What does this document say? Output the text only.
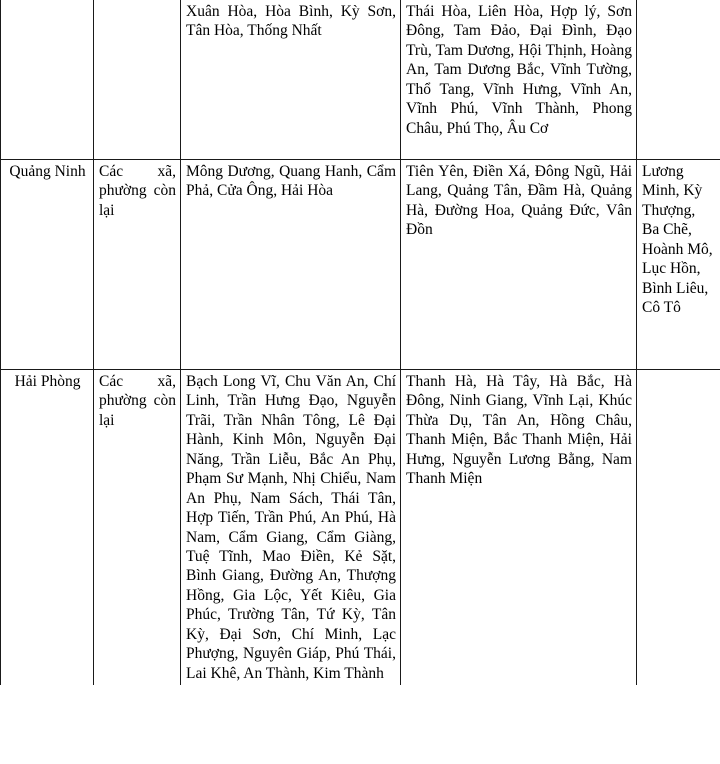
		Xuân Hòa, Hòa Bình, Kỳ Sơn, Tân Hòa, Thống Nhất	Thái Hòa, Liên Hòa, Hợp lý, Sơn Đông, Tam Đảo, Đại Đình, Đạo Trù, Tam Dương, Hội Thịnh, Hoàng An, Tam Dương Bắc, Vĩnh Tường, Thổ Tang, Vĩnh Hưng, Vĩnh An, Vĩnh Phú, Vĩnh Thành, Phong Châu, Phú Thọ, Âu Cơ	
Quảng Ninh	Các xã, phường còn lại	Mông Dương, Quang Hanh, Cẩm Phả, Cửa Ông, Hải Hòa	Tiên Yên, Điền Xá, Đông Ngũ, Hải Lang, Quảng Tân, Đầm Hà, Quảng Hà, Đường Hoa, Quảng Đức, Vân Đồn	Lương Minh, Kỳ Thượng, Ba Chẽ, Hoành Mô, Lục Hồn, Bình Liêu, Cô Tô
Hải Phòng	Các xã, phường còn lại	Bạch Long Vĩ, Chu Văn An, Chí Linh, Trần Hưng Đạo, Nguyễn Trãi, Trần Nhân Tông, Lê Đại Hành, Kinh Môn, Nguyễn Đại Năng, Trần Liễu, Bắc An Phụ, Phạm Sư Mạnh, Nhị Chiểu, Nam An Phụ, Nam Sách, Thái Tân, Hợp Tiến, Trần Phú, An Phú, Hà Nam, Cẩm Giang, Cẩm Giàng, Tuệ Tĩnh, Mao Điền, Kẻ Sặt, Bình Giang, Đường An, Thượng Hồng, Gia Lộc, Yết Kiêu, Gia Phúc, Trường Tân, Tứ Kỳ, Tân Kỳ, Đại Sơn, Chí Minh, Lạc Phượng, Nguyên Giáp, Phú Thái, Lai Khê, An Thành, Kim Thành	Thanh Hà, Hà Tây, Hà Bắc, Hà Đông, Ninh Giang, Vĩnh Lại, Khúc Thừa Dụ, Tân An, Hồng Châu, Thanh Miện, Bắc Thanh Miện, Hải Hưng, Nguyễn Lương Bằng, Nam Thanh Miện	
